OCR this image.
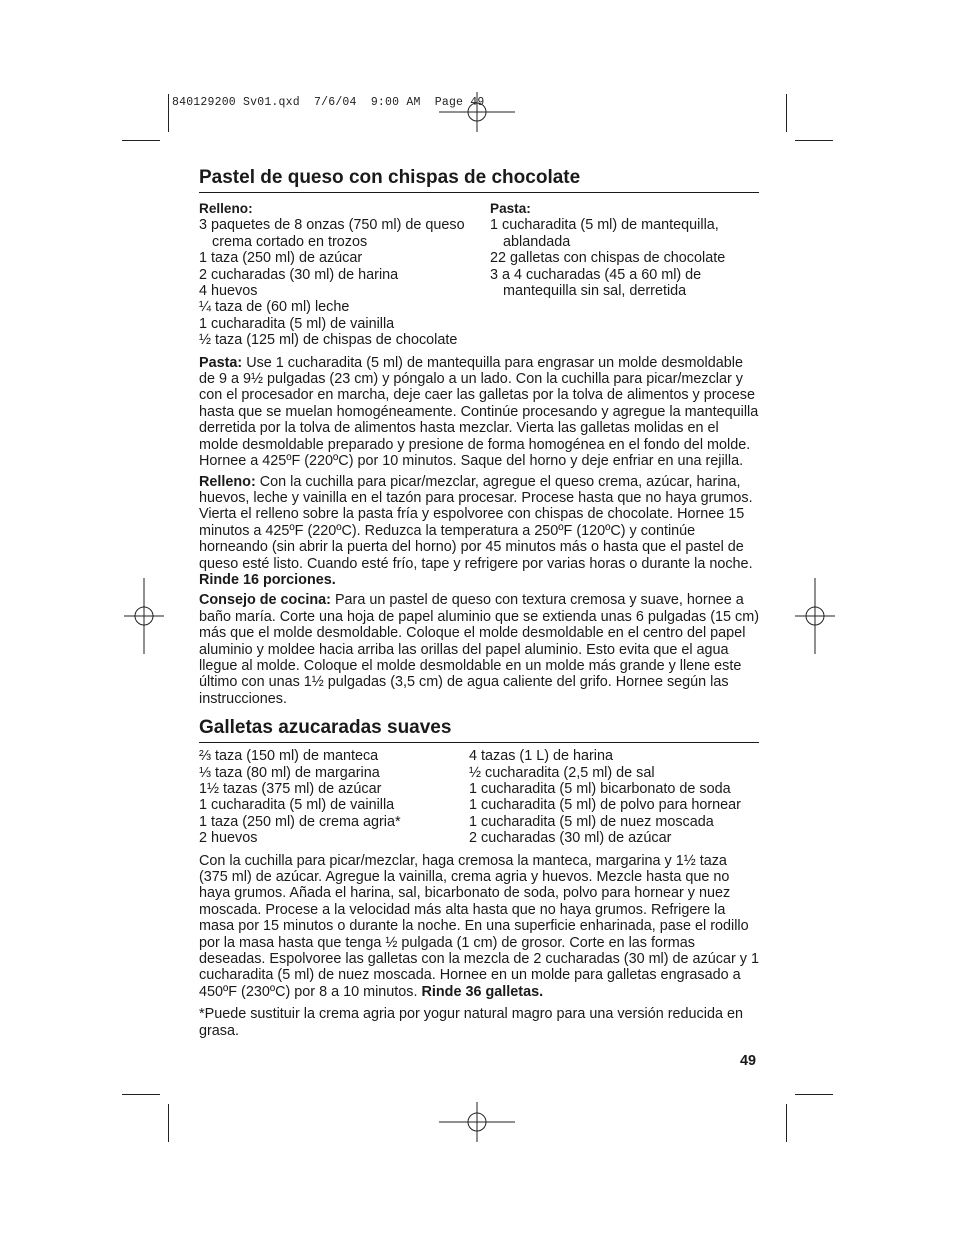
840129200 Sv01.qxd  7/6/04  9:00 AM  Page 49
Pastel de queso con chispas de chocolate
Relleno:
3 paquetes de 8 onzas (750 ml) de queso crema cortado en trozos
1 taza (250 ml) de azúcar
2 cucharadas (30 ml) de harina
4 huevos
¼ taza de (60 ml) leche
1 cucharadita (5 ml) de vainilla
½ taza (125 ml) de chispas de chocolate
Pasta:
1 cucharadita (5 ml) de mantequilla, ablandada
22 galletas con chispas de chocolate
3 a 4 cucharadas (45 a 60 ml) de mantequilla sin sal, derretida

Pasta: Use 1 cucharadita (5 ml) de mantequilla para engrasar un molde desmoldable de 9 a 9½ pulgadas (23 cm) y póngalo a un lado. Con la cuchilla para picar/mezclar y con el procesador en marcha, deje caer las galletas por la tolva de alimentos y procese hasta que se muelan homogéneamente. Continúe procesando y agregue la mantequilla derretida por la tolva de alimentos hasta mezclar. Vierta las galletas molidas en el molde desmoldable preparado y presione de forma homogénea en el fondo del molde. Hornee a 425ºF (220ºC) por 10 minutos. Saque del horno y deje enfriar en una rejilla.

Relleno: Con la cuchilla para picar/mezclar, agregue el queso crema, azúcar, harina, huevos, leche y vainilla en el tazón para procesar. Procese hasta que no haya grumos. Vierta el relleno sobre la pasta fría y espolvoree con chispas de chocolate. Hornee 15 minutos a 425ºF (220ºC). Reduzca la temperatura a 250ºF (120ºC) y continúe horneando (sin abrir la puerta del horno) por 45 minutos más o hasta que el pastel de queso esté listo. Cuando esté frío, tape y refrigere por varias horas o durante la noche. Rinde 16 porciones.

Consejo de cocina: Para un pastel de queso con textura cremosa y suave, hornee a baño maría. Corte una hoja de papel aluminio que se extienda unas 6 pulgadas (15 cm) más que el molde desmoldable. Coloque el molde desmoldable en el centro del papel aluminio y moldee hacia arriba las orillas del papel aluminio. Esto evita que el agua llegue al molde. Coloque el molde desmoldable en un molde más grande y llene este último con unas 1½ pulgadas (3,5 cm) de agua caliente del grifo. Hornee según las instrucciones.

Galletas azucaradas suaves
⅔ taza (150 ml) de manteca
⅓ taza (80 ml) de margarina
1½ tazas (375 ml) de azúcar
1 cucharadita (5 ml) de vainilla
1 taza (250 ml) de crema agria*
2 huevos
4 tazas (1 L) de harina
½ cucharadita (2,5 ml) de sal
1 cucharadita (5 ml) bicarbonato de soda
1 cucharadita (5 ml) de polvo para hornear
1 cucharadita (5 ml) de nuez moscada
2 cucharadas (30 ml) de azúcar

Con la cuchilla para picar/mezclar, haga cremosa la manteca, margarina y 1½ taza (375 ml) de azúcar. Agregue la vainilla, crema agria y huevos. Mezcle hasta que no haya grumos. Añada el harina, sal, bicarbonato de soda, polvo para hornear y nuez moscada. Procese a la velocidad más alta hasta que no haya grumos. Refrigere la masa por 15 minutos o durante la noche. En una superficie enharinada, pase el rodillo por la masa hasta que tenga ½ pulgada (1 cm) de grosor. Corte en las formas deseadas. Espolvoree las galletas con la mezcla de 2 cucharadas (30 ml) de azúcar y 1 cucharadita (5 ml) de nuez moscada. Hornee en un molde para galletas engrasado a 450ºF (230ºC) por 8 a 10 minutos. Rinde 36 galletas.

*Puede sustituir la crema agria por yogur natural magro para una versión reducida en grasa.

49
